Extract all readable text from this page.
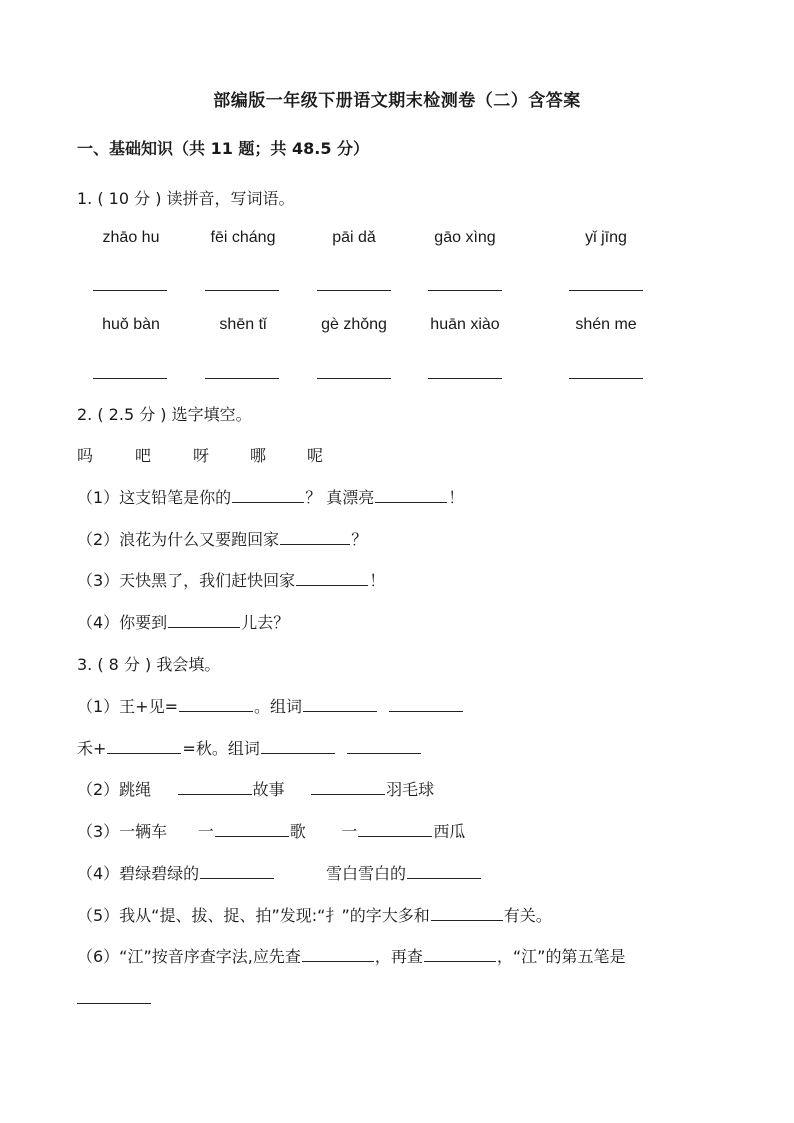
部编版一年级下册语文期末检测卷（二）含答案
一、基础知识（共 11 题；共 48.5 分）
1. ( 10 分 ) 读拼音，写词语。
zhāo hu	fēi cháng	pāi dǎ	gāo xìng	yǐ jīng
huǒ bàn	shēn tǐ	gè zhǒng	huān xiào	shén me
2. ( 2.5 分 ) 选字填空。
吗	吧	呀	哪	呢
（1）这支铅笔是你的	？ 真漂亮	！
（2）浪花为什么又要跑回家	？
（3）天快黑了，我们赶快回家	！
（4）你要到	儿去？
3. ( 8 分 ) 我会填。
（1）王+见=	。组词
禾+	=秋。组词
（2）跳绳	故事	羽毛球
（3）一辆车 一	歌 一	西瓜
（4）碧绿碧绿的	雪白雪白的
（5）我从“提、拔、捉、拍”发现:“扌”的字大多和	有关。
（6）“江”按音序查字法,应先查	，再查	，“江”的第五笔是
